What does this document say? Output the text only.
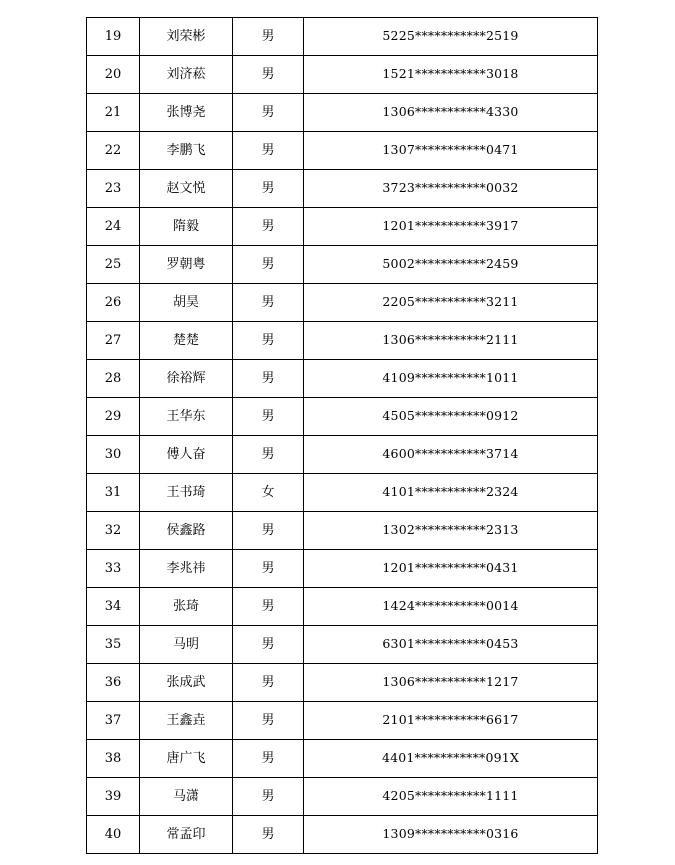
19	刘荣彬	男	5225***********2519
20	刘济菘	男	1521***********3018
21	张博尧	男	1306***********4330
22	李鹏飞	男	1307***********0471
23	赵文悦	男	3723***********0032
24	隋毅	男	1201***********3917
25	罗朝粤	男	5002***********2459
26	胡昊	男	2205***********3211
27	楚楚	男	1306***********2111
28	徐裕辉	男	4109***********1011
29	王华东	男	4505***********0912
30	傅人奋	男	4600***********3714
31	王书琦	女	4101***********2324
32	侯鑫路	男	1302***********2313
33	李兆祎	男	1201***********0431
34	张琦	男	1424***********0014
35	马明	男	6301***********0453
36	张成武	男	1306***********1217
37	王鑫垚	男	2101***********6617
38	唐广飞	男	4401***********091X
39	马潇	男	4205***********1111
40	常孟印	男	1309***********0316
